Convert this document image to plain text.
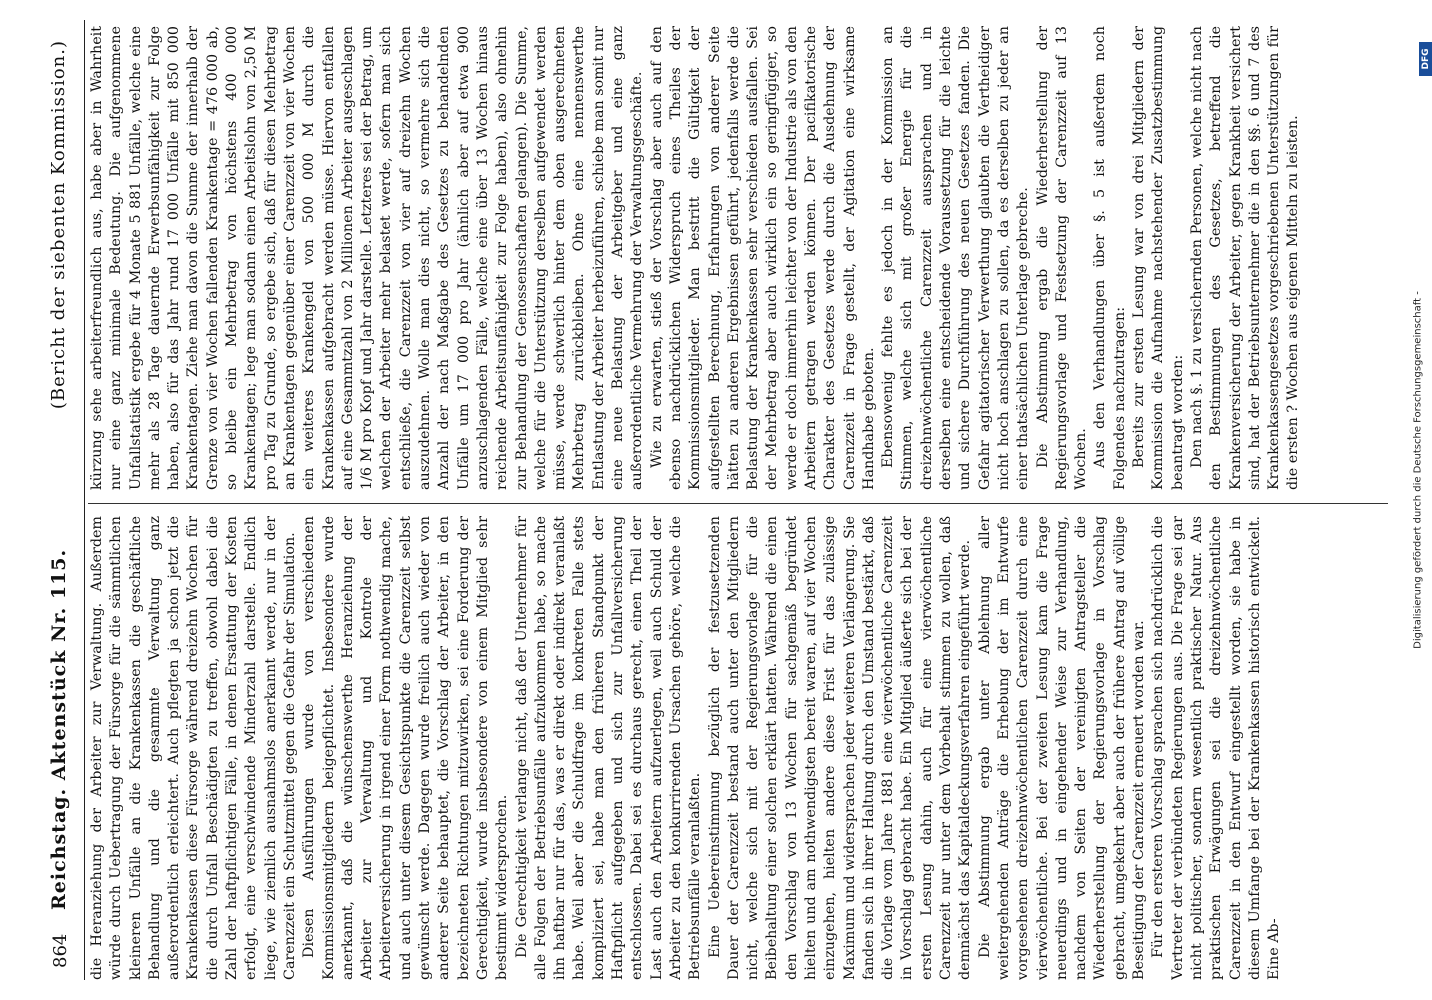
864
Reichstag. Aktenstück Nr. 115.
(Bericht der siebenten Kommission.)

die Heranziehung der Arbeiter zur Verwaltung. Außerdem würde durch Uebertragung der Fürsorge für die sämmtlichen kleineren Unfälle an die Krankenkassen die geschäftliche Behandlung und die gesammte Verwaltung ganz außerordentlich erleichtert. Auch pflegten ja schon jetzt die Krankenkassen diese Fürsorge während dreizehn Wochen für die durch Unfall Beschädigten zu treffen, obwohl dabei die Zahl der haftpflichtigen Fälle, in denen Ersattung der Kosten erfolgt, eine verschwindende Minderzahl darstelle. Endlich liege, wie ziemlich ausnahmslos anerkannt werde, nur in der Carenzzeit ein Schutzmittel gegen die Gefahr der Simulation. Diesen Ausführungen wurde von verschiedenen Kommissionsmitgliedern beigepflichtet. Insbesondere wurde anerkannt, daß die wünschenswerthe Heranziehung der Arbeiter zur Verwaltung und Kontrole der Arbeiterversicherung in irgend einer Form nothwendig mache, und auch unter diesem Gesichtspunkte die Carenzzeit selbst gewünscht werde. Dagegen wurde freilich auch wieder von anderer Seite behauptet, die Vorschlag der Arbeiter, in den bezeichneten Richtungen mitzuwirken, sei eine Forderung der Gerechtigkeit, wurde insbesondere von einem Mitglied sehr bestimmt widersprochen. Die Gerechtigkeit verlange nicht, daß der Unternehmer für alle Folgen der Betriebsunfälle aufzukommen habe, so mache ihn haftbar nur für das, was er direkt oder indirekt veranlaßt habe. Weil aber die Schuldfrage im konkreten Falle stets kompliziert sei, habe man den früheren Standpunkt der Haftpflicht aufgegeben und sich zur Unfallversicherung entschlossen. Dabei sei es durchaus gerecht, einen Theil der Last auch den Arbeitern aufzuerlegen, weil auch Schuld der Arbeiter zu den konkurrirenden Ursachen gehöre, welche die Betriebsunfälle veranlaßten. Eine Uebereinstimmung bezüglich der festzusetzenden Dauer der Carenzzeit bestand auch unter den Mitgliedern nicht, welche sich mit der Regierungsvorlage für die Beibehaltung einer solchen erklärt hatten. Während die einen den Vorschlag von 13 Wochen für sachgemäß begründet hielten und am nothwendigsten bereit waren, auf vier Wochen einzugehen, hielten andere diese Frist für das zulässige Maximum und widersprachen jeder weiteren Verlängerung. Sie fanden sich in ihrer Haltung durch den Umstand bestärkt, daß die Vorlage vom Jahre 1881 eine vierwöchentliche Carenzzeit in Vorschlag gebracht habe. Ein Mitglied äußerte sich bei der ersten Lesung dahin, auch für eine vierwöchentliche Carenzzeit nur unter dem Vorbehalt stimmen zu wollen, daß demnächst das Kapitaldeckungsverfahren eingeführt werde. Die Abstimmung ergab unter Ablehnung aller weitergehenden Anträge die Erhebung der im Entwurfe vorgesehenen dreizehnwöchentlichen Carenzzeit durch eine vierwöchentliche. Bei der zweiten Lesung kam die Frage neuerdings und in eingehender Weise zur Verhandlung, nachdem von Seiten der vereinigten Antragsteller die Wiederherstellung der Regierungsvorlage in Vorschlag gebracht, umgekehrt aber auch der frühere Antrag auf völlige Beseitigung der Carenzzeit erneuert worden war. Für den ersteren Vorschlag sprachen sich nachdrücklich die Vertreter der verbündeten Regierungen aus. Die Frage sei gar nicht politischer, sondern wesentlich praktischer Natur. Aus praktischen Erwägungen sei die dreizehnwöchentliche Carenzzeit in den Entwurf eingestellt worden, sie habe in diesem Umfange bei der Krankenkassen historisch entwickelt. Eine Ab-

kürzung sehe arbeiterfreundlich aus, habe aber in Wahrheit nur eine ganz minimale Bedeutung. Die aufgenommene Unfallstatistik ergebe für 4 Monate 5 881 Unfälle, welche eine mehr als 28 Tage dauernde Erwerbsunfähigkeit zur Folge haben, also für das Jahr rund 17 000 Unfälle mit 850 000 Krankentagen. Ziehe man davon die Summe der innerhalb der Grenze von vier Wochen fallenden Krankentage = 476 000 ab, so bleibe ein Mehrbetrag von höchstens 400 000 Krankentagen; lege man sodann einen Arbeitslohn von 2,50 M pro Tag zu Grunde, so ergebe sich, daß für diesen Mehrbetrag an Krankentagen gegenüber einer Carenzzeit von vier Wochen ein weiteres Krankengeld von 500 000 M durch die Krankenkassen aufgebracht werden müsse. Hiervon entfallen auf eine Gesammtzahl von 2 Millionen Arbeiter ausgeschlagen 1/6 M pro Kopf und Jahr darstelle. Letzteres sei der Betrag, um welchen der Arbeiter mehr belastet werde, sofern man sich entschließe, die Carenzzeit von vier auf dreizehn Wochen auszudehnen. Wolle man dies nicht, so vermehre sich die Anzahl der nach Maßgabe des Gesetzes zu behandelnden Unfälle um 17 000 pro Jahr (ähnlich aber auf etwa 900 anzuschlagenden Fälle, welche eine über 13 Wochen hinaus reichende Arbeitsunfähigkeit zur Folge haben), also ohnehin zur Behandlung der Genossenschaften gelangen). Die Summe, welche für die Unterstützung derselben aufgewendet werden müsse, werde schwerlich hinter dem oben ausgerechneten Mehrbetrag zurückbleiben. Ohne eine nennenswerthe Entlastung der Arbeiter herbeizuführen, schiebe man somit nur eine neue Belastung der Arbeitgeber und eine ganz außerordentliche Vermehrung der Verwaltungsgeschäfte. Wie zu erwarten, stieß der Vorschlag aber auch auf den ebenso nachdrücklichen Widerspruch eines Theiles der Kommissionsmitglieder. Man bestritt die Gültigkeit der aufgestellten Berechnung, Erfahrungen von anderer Seite hätten zu anderen Ergebnissen geführt, jedenfalls werde die Belastung der Krankenkassen sehr verschieden ausfallen. Sei der Mehrbetrag aber auch wirklich ein so geringfügiger, so werde er doch immerhin leichter von der Industrie als von den Arbeitern getragen werden können. Der pacifikatorische Charakter des Gesetzes werde durch die Ausdehnung der Carenzzeit in Frage gestellt, der Agitation eine wirksame Handhabe geboten. Ebensowenig fehlte es jedoch in der Kommission an Stimmen, welche sich mit großer Energie für die dreizehnwöchentliche Carenzzeit aussprachen und in derselben eine entscheidende Voraussetzung für die leichte und sichere Durchführung des neuen Gesetzes fanden. Die Gefahr agitatorischer Verwerthung glaubten die Vertheidiger nicht hoch anschlagen zu sollen, da es derselben zu jeder an einer thatsächlichen Unterlage gebreche. Die Abstimmung ergab die Wiederherstellung der Regierungsvorlage und Festsetzung der Carenzzeit auf 13 Wochen. Aus den Verhandlungen über §. 5 ist außerdem noch Folgendes nachzutragen: Bereits zur ersten Lesung war von drei Mitgliedern der Kommission die Aufnahme nachstehender Zusatzbestimmung beantragt worden: Den nach §. 1 zu versichernden Personen, welche nicht nach den Bestimmungen des Gesetzes, betreffend die Krankenversicherung der Arbeiter, gegen Krankheit versichert sind, hat der Betriebsunternehmer die in den §§. 6 und 7 des Krankenkassengesetzes vorgeschriebenen Unterstützungen für die ersten ? Wochen aus eigenen Mitteln zu leisten.

DFG
Digitalisierung gefördert durch die Deutsche Forschungsgemeinschaft -
